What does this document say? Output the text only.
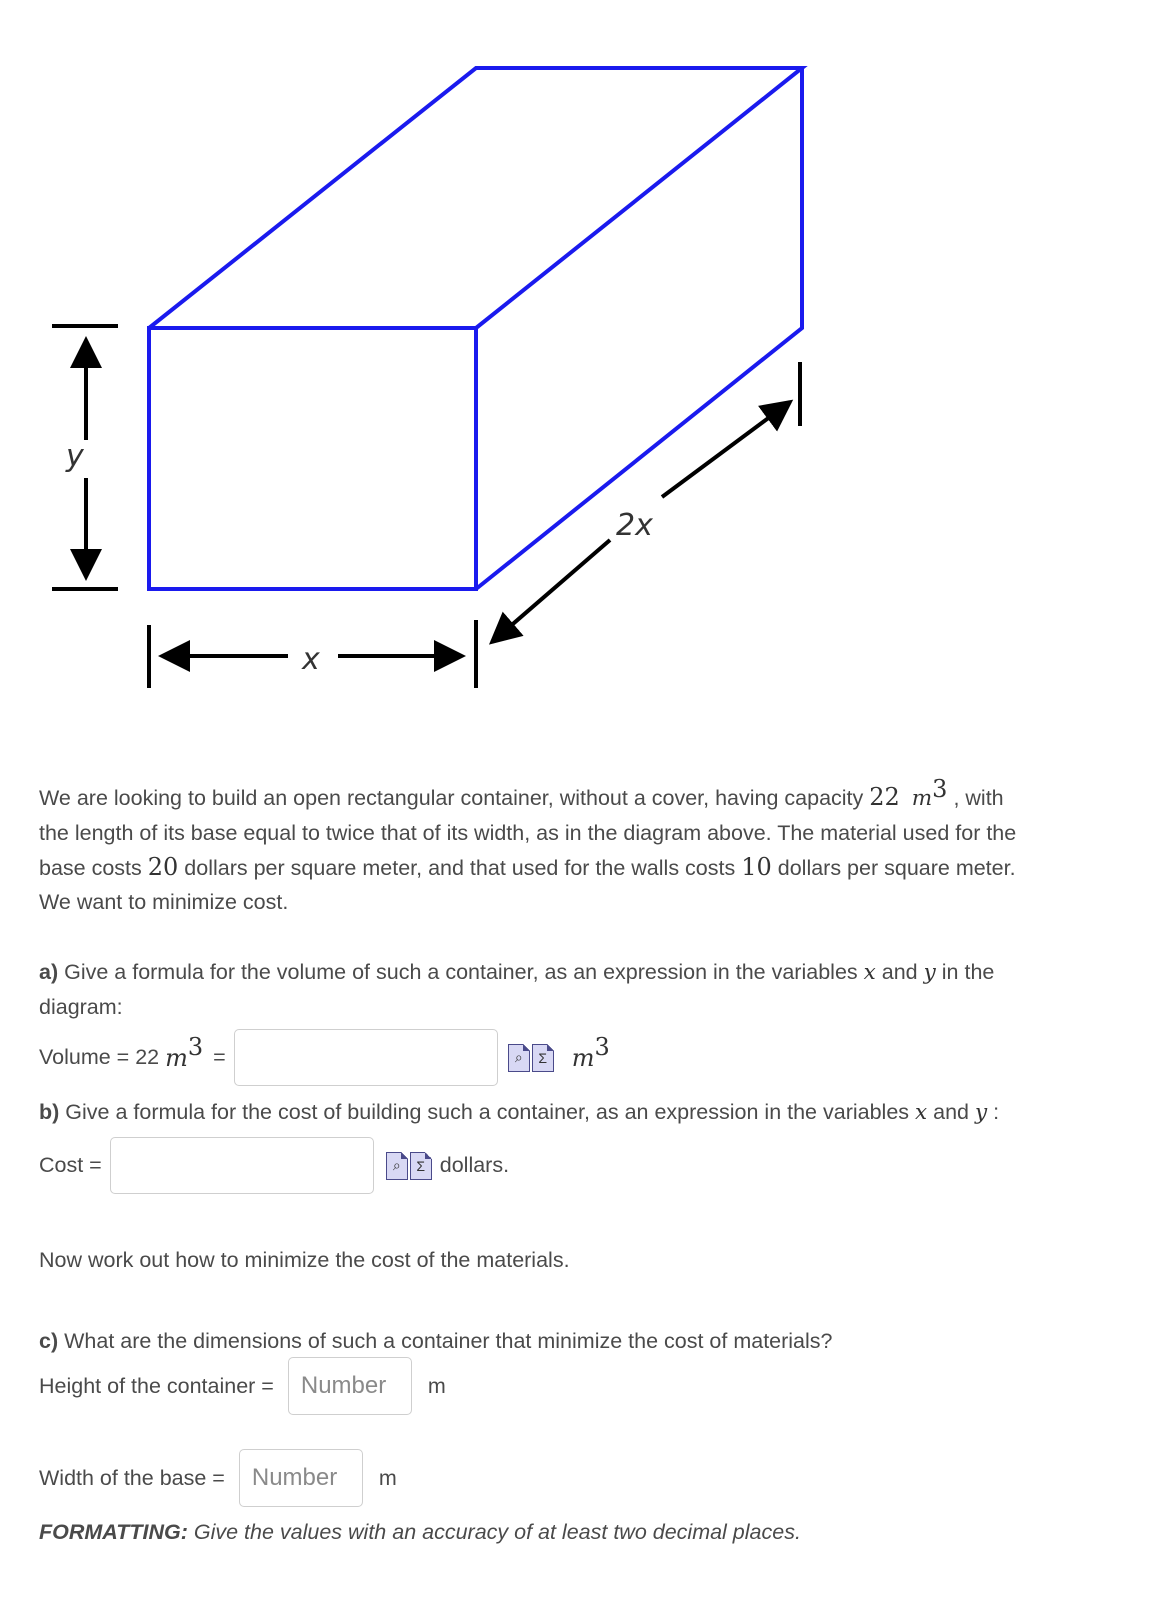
y
x
2x
We are looking to build an open rectangular container, without a cover, having capacity 22 $m^3$ , with
the length of its base equal to twice that of its width, as in the diagram above. The material used for the
base costs 20 dollars per square meter, and that used for the walls costs 10 dollars per square meter.
We want to minimize cost.
a) Give a formula for the volume of such a container, as an expression in the variables x and y in the
diagram:
Volume = 22
m 3 =	⌕	Σ m 3
b) Give a formula for the cost of building such a container, as an expression in the variables x and y :
Cost =	⌕	Σ dollars.
Now work out how to minimize the cost of the materials.
c) What are the dimensions of such a container that minimize the cost of materials?
Height of the container = Number m
Width of the base = Number m
FORMATTING: Give the values with an accuracy of at least two decimal places.
